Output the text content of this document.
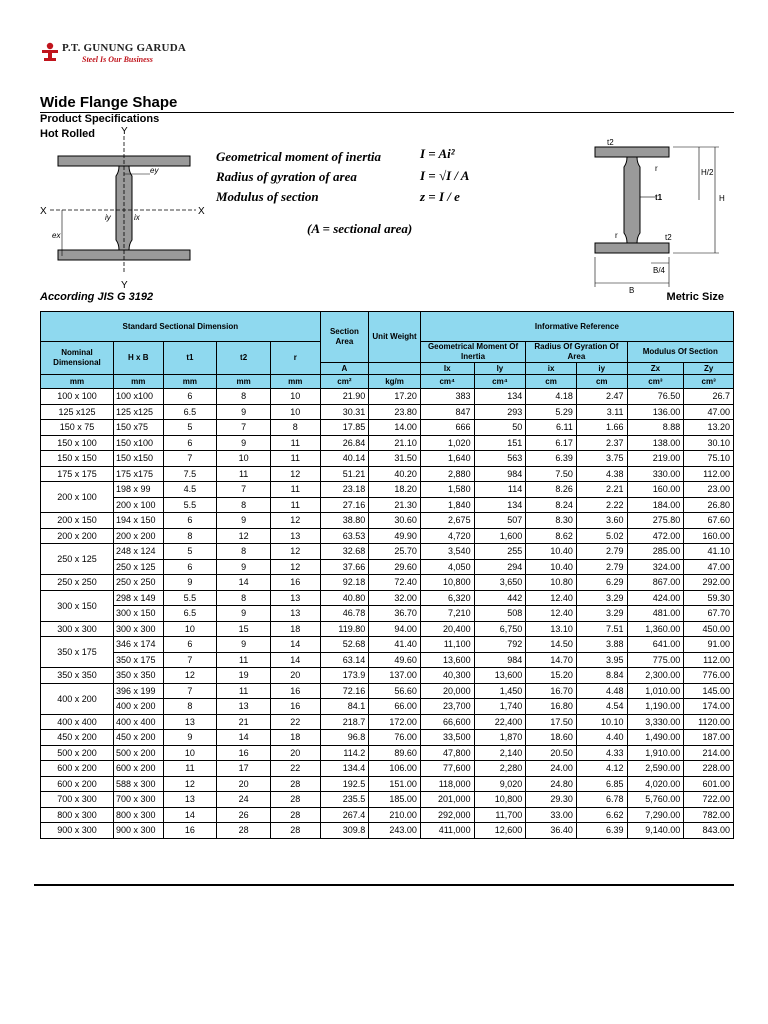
P.T. GUNUNG GARUDA
Steel Is Our Business
Wide Flange Shape
Product Specifications
Hot Rolled	Y
Y
X	X
ey
ex
iy	ix
Geometrical moment of inertia	I = Ai²
Radius of gyration of area	I = √I / A
Modulus of section	z = I / e
(A = sectional area)
t2
r
t1
r	t2
H/2
H
B/4
B
According JIS G 3192	Metric Size
Standard Sectional Dimension					Section Area	Unit Weight	Informative Reference					
Nominal Dimensional	H x B	t1	t2	r			Geometrical Moment Of Inertia		Radius Of Gyration Of Area		Modulus Of Section	
					A		Ix	Iy	ix	iy	Zx	Zy
mm	mm	mm	mm	mm	cm²	kg/m	cm⁴	cm⁴	cm	cm	cm³	cm³
100 x 100	100 x100	6	8	10	21.90	17.20	383	134	4.18	2.47	76.50	26.7
125 x125	125 x125	6.5	9	10	30.31	23.80	847	293	5.29	3.11	136.00	47.00
150 x 75	150 x75	5	7	8	17.85	14.00	666	50	6.11	1.66	8.88	13.20
150 x 100	150 x100	6	9	11	26.84	21.10	1,020	151	6.17	2.37	138.00	30.10
150 x 150	150 x150	7	10	11	40.14	31.50	1,640	563	6.39	3.75	219.00	75.10
175 x 175	175 x175	7.5	11	12	51.21	40.20	2,880	984	7.50	4.38	330.00	112.00
200 x 100	198 x 99	4.5	7	11	23.18	18.20	1,580	114	8.26	2.21	160.00	23.00
	200 x 100	5.5	8	11	27.16	21.30	1,840	134	8.24	2.22	184.00	26.80
200 x 150	194 x 150	6	9	12	38.80	30.60	2,675	507	8.30	3.60	275.80	67.60
200 x 200	200 x 200	8	12	13	63.53	49.90	4,720	1,600	8.62	5.02	472.00	160.00
250 x 125	248 x 124	5	8	12	32.68	25.70	3,540	255	10.40	2.79	285.00	41.10
	250 x 125	6	9	12	37.66	29.60	4,050	294	10.40	2.79	324.00	47.00
250 x 250	250 x 250	9	14	16	92.18	72.40	10,800	3,650	10.80	6.29	867.00	292.00
300 x 150	298 x 149	5.5	8	13	40.80	32.00	6,320	442	12.40	3.29	424.00	59.30
	300 x 150	6.5	9	13	46.78	36.70	7,210	508	12.40	3.29	481.00	67.70
300 x 300	300 x 300	10	15	18	119.80	94.00	20,400	6,750	13.10	7.51	1,360.00	450.00
350 x 175	346 x 174	6	9	14	52.68	41.40	11,100	792	14.50	3.88	641.00	91.00
	350 x 175	7	11	14	63.14	49.60	13,600	984	14.70	3.95	775.00	112.00
350 x 350	350 x 350	12	19	20	173.9	137.00	40,300	13,600	15.20	8.84	2,300.00	776.00
400 x 200	396 x 199	7	11	16	72.16	56.60	20,000	1,450	16.70	4.48	1,010.00	145.00
	400 x 200	8	13	16	84.1	66.00	23,700	1,740	16.80	4.54	1,190.00	174.00
400 x 400	400 x 400	13	21	22	218.7	172.00	66,600	22,400	17.50	10.10	3,330.00	1120.00
450 x 200	450 x 200	9	14	18	96.8	76.00	33,500	1,870	18.60	4.40	1,490.00	187.00
500 x 200	500 x 200	10	16	20	114.2	89.60	47,800	2,140	20.50	4.33	1,910.00	214.00
600 x 200	600 x 200	11	17	22	134.4	106.00	77,600	2,280	24.00	4.12	2,590.00	228.00
600 x 200	588 x 300	12	20	28	192.5	151.00	118,000	9,020	24.80	6.85	4,020.00	601.00
700 x 300	700 x 300	13	24	28	235.5	185.00	201,000	10,800	29.30	6.78	5,760.00	722.00
800 x 300	800 x 300	14	26	28	267.4	210.00	292,000	11,700	33.00	6.62	7,290.00	782.00
900 x 300	900 x 300	16	28	28	309.8	243.00	411,000	12,600	36.40	6.39	9,140.00	843.00
